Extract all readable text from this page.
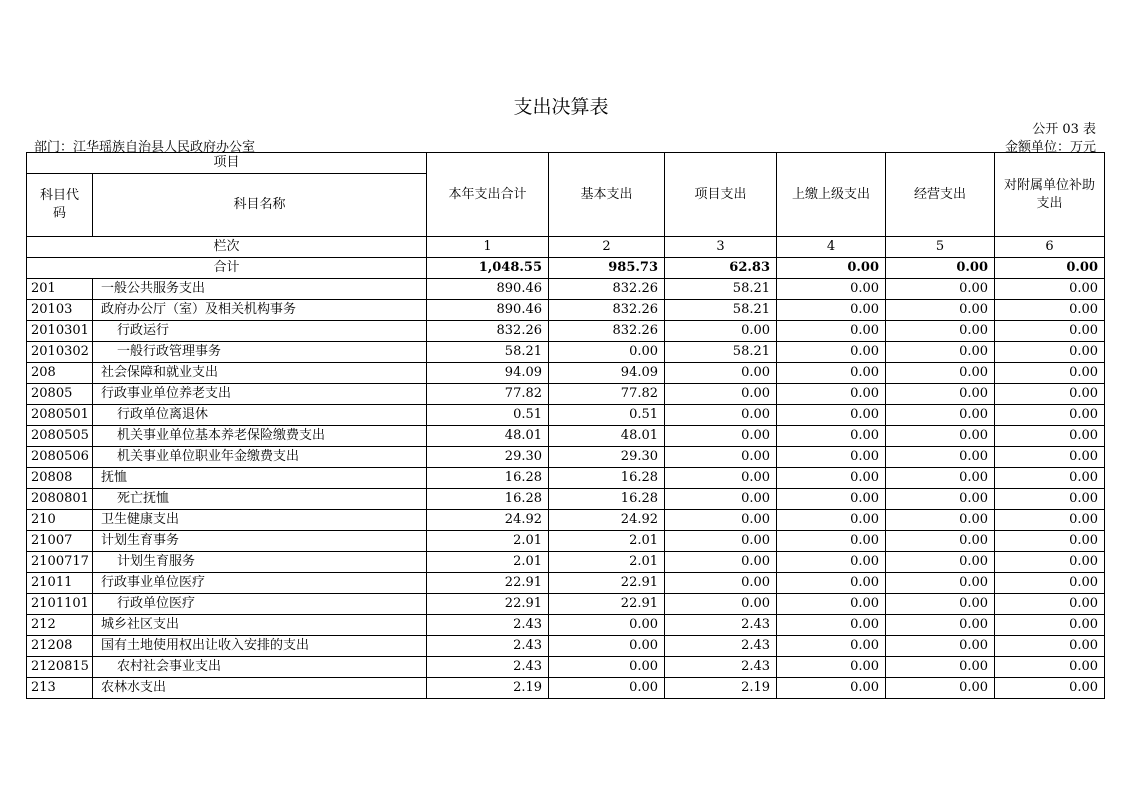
支出决算表
公开 03 表
部门：江华瑶族自治县人民政府办公室	金额单位：万元
项目		本年支出合计	基本支出	项目支出	上缴上级支出	经营支出	对附属单位补助支出
科目代码	科目名称						
栏次		1	2	3	4	5	6
合计		1,048.55	985.73	62.83	0.00	0.00	0.00
201	一般公共服务支出	890.46	832.26	58.21	0.00	0.00	0.00
20103	政府办公厅（室）及相关机构事务	890.46	832.26	58.21	0.00	0.00	0.00
2010301	行政运行	832.26	832.26	0.00	0.00	0.00	0.00
2010302	一般行政管理事务	58.21	0.00	58.21	0.00	0.00	0.00
208	社会保障和就业支出	94.09	94.09	0.00	0.00	0.00	0.00
20805	行政事业单位养老支出	77.82	77.82	0.00	0.00	0.00	0.00
2080501	行政单位离退休	0.51	0.51	0.00	0.00	0.00	0.00
2080505	机关事业单位基本养老保险缴费支出	48.01	48.01	0.00	0.00	0.00	0.00
2080506	机关事业单位职业年金缴费支出	29.30	29.30	0.00	0.00	0.00	0.00
20808	抚恤	16.28	16.28	0.00	0.00	0.00	0.00
2080801	死亡抚恤	16.28	16.28	0.00	0.00	0.00	0.00
210	卫生健康支出	24.92	24.92	0.00	0.00	0.00	0.00
21007	计划生育事务	2.01	2.01	0.00	0.00	0.00	0.00
2100717	计划生育服务	2.01	2.01	0.00	0.00	0.00	0.00
21011	行政事业单位医疗	22.91	22.91	0.00	0.00	0.00	0.00
2101101	行政单位医疗	22.91	22.91	0.00	0.00	0.00	0.00
212	城乡社区支出	2.43	0.00	2.43	0.00	0.00	0.00
21208	国有土地使用权出让收入安排的支出	2.43	0.00	2.43	0.00	0.00	0.00
2120815	农村社会事业支出	2.43	0.00	2.43	0.00	0.00	0.00
213	农林水支出	2.19	0.00	2.19	0.00	0.00	0.00
